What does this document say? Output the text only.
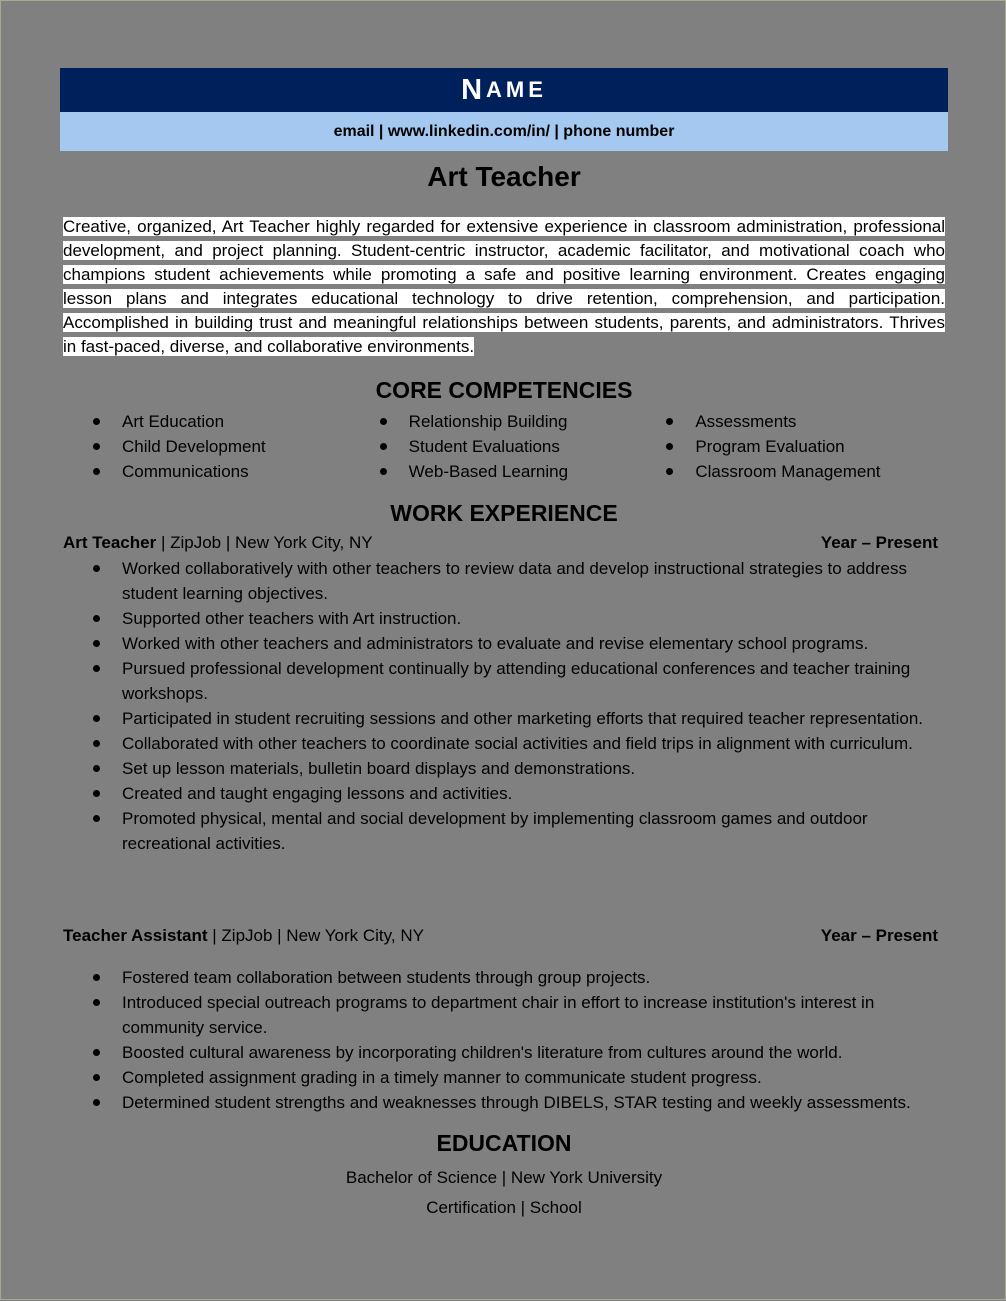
N AME
email | www.linkedin.com/in/ | phone number
Art Teacher
Creative, organized, Art Teacher highly regarded for extensive experience in classroom administration, professional development, and project planning. Student-centric instructor, academic facilitator, and motivational coach who champions student achievements while promoting a safe and positive learning environment. Creates engaging lesson plans and integrates educational technology to drive retention, comprehension, and participation. Accomplished in building trust and meaningful relationships between students, parents, and administrators. Thrives in fast-paced, diverse, and collaborative environments.
CORE COMPETENCIES
Art Education
Child Development
Communications
Relationship Building
Student Evaluations
Web-Based Learning
Assessments
Program Evaluation
Classroom Management
WORK EXPERIENCE
Art Teacher | ZipJob | New York City, NY	Year – Present
Worked collaboratively with other teachers to review data and develop instructional strategies to address student learning objectives.
Supported other teachers with Art instruction.
Worked with other teachers and administrators to evaluate and revise elementary school programs.
Pursued professional development continually by attending educational conferences and teacher training workshops.
Participated in student recruiting sessions and other marketing efforts that required teacher representation.
Collaborated with other teachers to coordinate social activities and field trips in alignment with curriculum.
Set up lesson materials, bulletin board displays and demonstrations.
Created and taught engaging lessons and activities.
Promoted physical, mental and social development by implementing classroom games and outdoor recreational activities.
Teacher Assistant | ZipJob | New York City, NY	Year – Present
Fostered team collaboration between students through group projects.
Introduced special outreach programs to department chair in effort to increase institution's interest in community service.
Boosted cultural awareness by incorporating children's literature from cultures around the world.
Completed assignment grading in a timely manner to communicate student progress.
Determined student strengths and weaknesses through DIBELS, STAR testing and weekly assessments.
EDUCATION
Bachelor of Science | New York University
Certification | School
